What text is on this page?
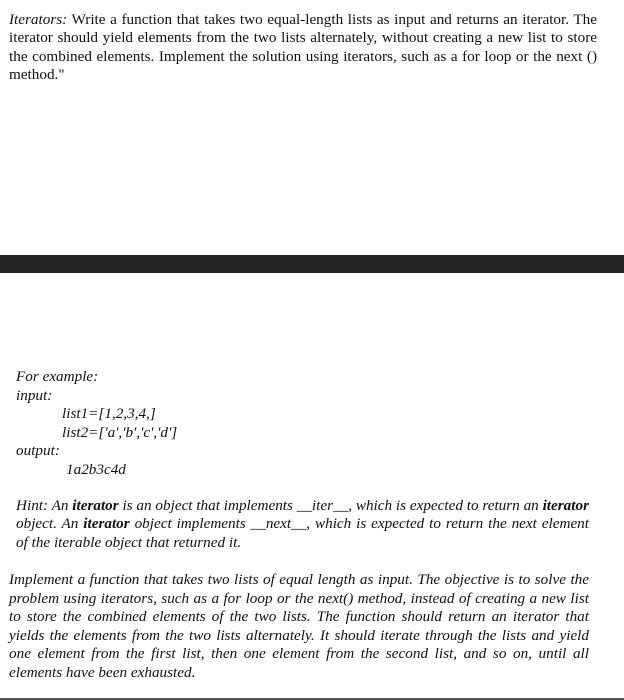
Iterators: Write a function that takes two equal-length lists as input and returns an iterator. The iterator should yield elements from the two lists alternately, without creating a new list to store the combined elements. Implement the solution using iterators, such as a for loop or the next () method."
For example:
input:
list1=[1,2,3,4,]
list2=['a','b','c','d']
output:
1a2b3c4d
Hint: An iterator is an object that implements __iter__, which is expected to return an iterator object. An iterator object implements __next__, which is expected to return the next element of the iterable object that returned it.
Implement a function that takes two lists of equal length as input. The objective is to solve the problem using iterators, such as a for loop or the next() method, instead of creating a new list to store the combined elements of the two lists. The function should return an iterator that yields the elements from the two lists alternately. It should iterate through the lists and yield one element from the first list, then one element from the second list, and so on, until all elements have been exhausted.
